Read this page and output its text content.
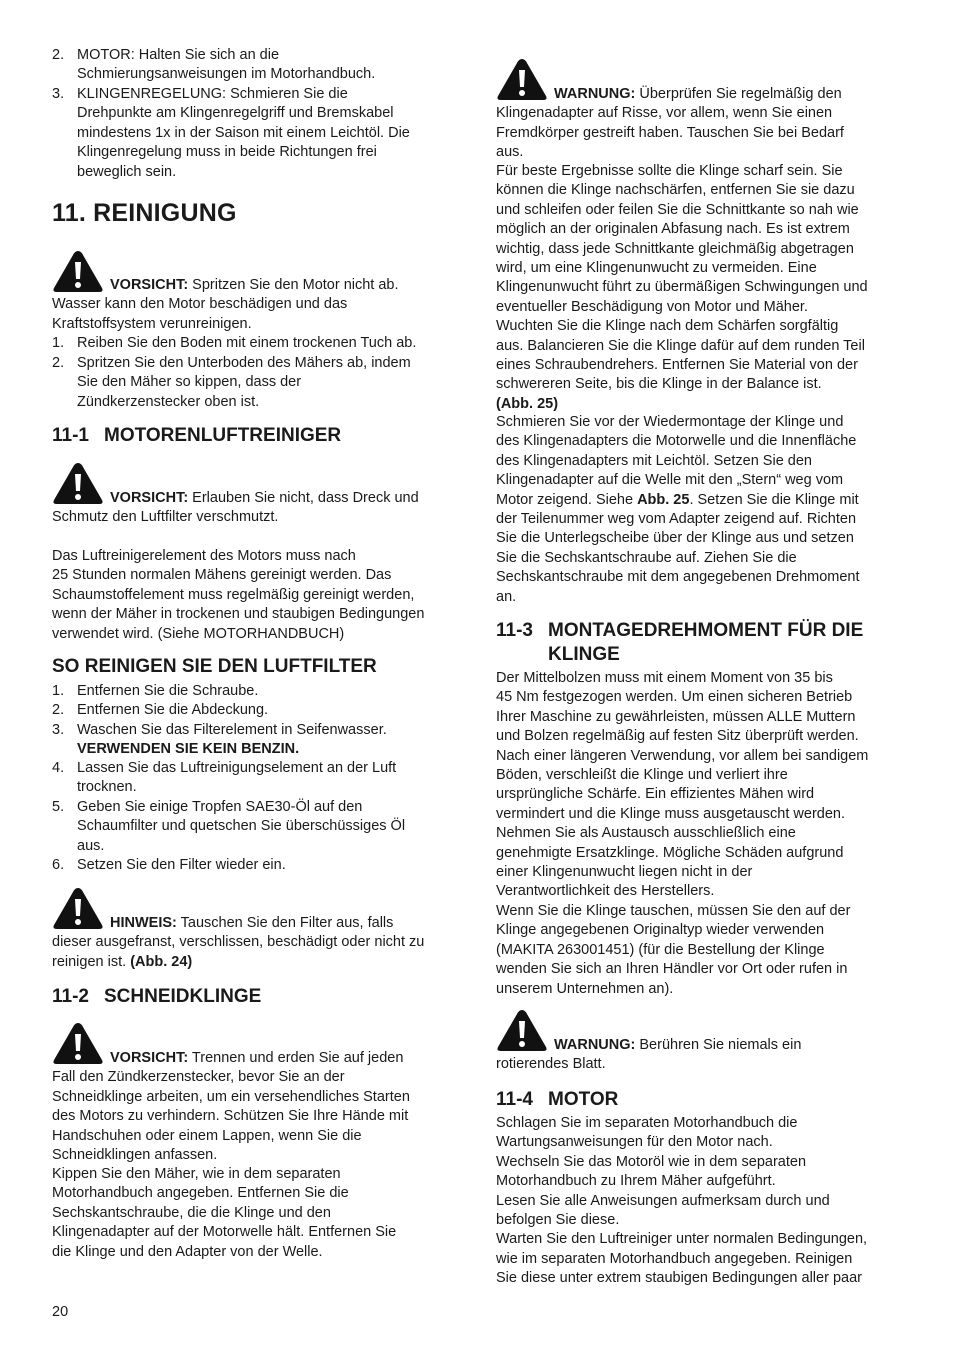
2. MOTOR: Halten Sie sich an die
Schmierungsanweisungen im Motorhandbuch.
3. KLINGENREGELUNG: Schmieren Sie die
Drehpunkte am Klingenregelgriff und Bremskabel
mindestens 1x in der Saison mit einem Leichtöl. Die
Klingenregelung muss in beide Richtungen frei
beweglich sein.
11. REINIGUNG
VORSICHT: Spritzen Sie den Motor nicht ab.
Wasser kann den Motor beschädigen und das
Kraftstoffsystem verunreinigen.
1. Reiben Sie den Boden mit einem trockenen Tuch ab.
2. Spritzen Sie den Unterboden des Mähers ab, indem
Sie den Mäher so kippen, dass der
Zündkerzenstecker oben ist.
11-1 MOTORENLUFTREINIGER
VORSICHT: Erlauben Sie nicht, dass Dreck und
Schmutz den Luftfilter verschmutzt.
Das Luftreinigerelement des Motors muss nach
25 Stunden normalen Mähens gereinigt werden. Das
Schaumstoffelement muss regelmäßig gereinigt werden,
wenn der Mäher in trockenen und staubigen Bedingungen
verwendet wird. (Siehe MOTORHANDBUCH)
SO REINIGEN SIE DEN LUFTFILTER
1. Entfernen Sie die Schraube.
2. Entfernen Sie die Abdeckung.
3. Waschen Sie das Filterelement in Seifenwasser.
VERWENDEN SIE KEIN BENZIN.
4. Lassen Sie das Luftreinigungselement an der Luft
trocknen.
5. Geben Sie einige Tropfen SAE30-Öl auf den
Schaumfilter und quetschen Sie überschüssiges Öl
aus.
6. Setzen Sie den Filter wieder ein.
HINWEIS: Tauschen Sie den Filter aus, falls
dieser ausgefranst, verschlissen, beschädigt oder nicht zu
reinigen ist. (Abb. 24)
11-2 SCHNEIDKLINGE
VORSICHT: Trennen und erden Sie auf jeden
Fall den Zündkerzenstecker, bevor Sie an der
Schneidklinge arbeiten, um ein versehendliches Starten
des Motors zu verhindern. Schützen Sie Ihre Hände mit
Handschuhen oder einem Lappen, wenn Sie die
Schneidklingen anfassen.
Kippen Sie den Mäher, wie in dem separaten
Motorhandbuch angegeben. Entfernen Sie die
Sechskantschraube, die die Klinge und den
Klingenadapter auf der Motorwelle hält. Entfernen Sie
die Klinge und den Adapter von der Welle.
WARNUNG: Überprüfen Sie regelmäßig den
Klingenadapter auf Risse, vor allem, wenn Sie einen
Fremdkörper gestreift haben. Tauschen Sie bei Bedarf
aus.
Für beste Ergebnisse sollte die Klinge scharf sein. Sie
können die Klinge nachschärfen, entfernen Sie sie dazu
und schleifen oder feilen Sie die Schnittkante so nah wie
möglich an der originalen Abfasung nach. Es ist extrem
wichtig, dass jede Schnittkante gleichmäßig abgetragen
wird, um eine Klingenunwucht zu vermeiden. Eine
Klingenunwucht führt zu übermäßigen Schwingungen und
eventueller Beschädigung von Motor und Mäher.
Wuchten Sie die Klinge nach dem Schärfen sorgfältig
aus. Balancieren Sie die Klinge dafür auf dem runden Teil
eines Schraubendrehers. Entfernen Sie Material von der
schwereren Seite, bis die Klinge in der Balance ist.
(Abb. 25)
Schmieren Sie vor der Wiedermontage der Klinge und
des Klingenadapters die Motorwelle und die Innenfläche
des Klingenadapters mit Leichtöl. Setzen Sie den
Klingenadapter auf die Welle mit den „Stern“ weg vom
Motor zeigend. Siehe Abb. 25. Setzen Sie die Klinge mit
der Teilenummer weg vom Adapter zeigend auf. Richten
Sie die Unterlegscheibe über der Klinge aus und setzen
Sie die Sechskantschraube auf. Ziehen Sie die
Sechskantschraube mit dem angegebenen Drehmoment
an.
11-3 MONTAGEDREHMOMENT FÜR DIE
KLINGE
Der Mittelbolzen muss mit einem Moment von 35 bis
45 Nm festgezogen werden. Um einen sicheren Betrieb
Ihrer Maschine zu gewährleisten, müssen ALLE Muttern
und Bolzen regelmäßig auf festen Sitz überprüft werden.
Nach einer längeren Verwendung, vor allem bei sandigem
Böden, verschleißt die Klinge und verliert ihre
ursprüngliche Schärfe. Ein effizientes Mähen wird
vermindert und die Klinge muss ausgetauscht werden.
Nehmen Sie als Austausch ausschließlich eine
genehmigte Ersatzklinge. Mögliche Schäden aufgrund
einer Klingenunwucht liegen nicht in der
Verantwortlichkeit des Herstellers.
Wenn Sie die Klinge tauschen, müssen Sie den auf der
Klinge angegebenen Originaltyp wieder verwenden
(MAKITA 263001451) (für die Bestellung der Klinge
wenden Sie sich an Ihren Händler vor Ort oder rufen in
unserem Unternehmen an).
WARNUNG: Berühren Sie niemals ein
rotierendes Blatt.
11-4 MOTOR
Schlagen Sie im separaten Motorhandbuch die
Wartungsanweisungen für den Motor nach.
Wechseln Sie das Motoröl wie in dem separaten
Motorhandbuch zu Ihrem Mäher aufgeführt.
Lesen Sie alle Anweisungen aufmerksam durch und
befolgen Sie diese.
Warten Sie den Luftreiniger unter normalen Bedingungen,
wie im separaten Motorhandbuch angegeben. Reinigen
Sie diese unter extrem staubigen Bedingungen aller paar
20
